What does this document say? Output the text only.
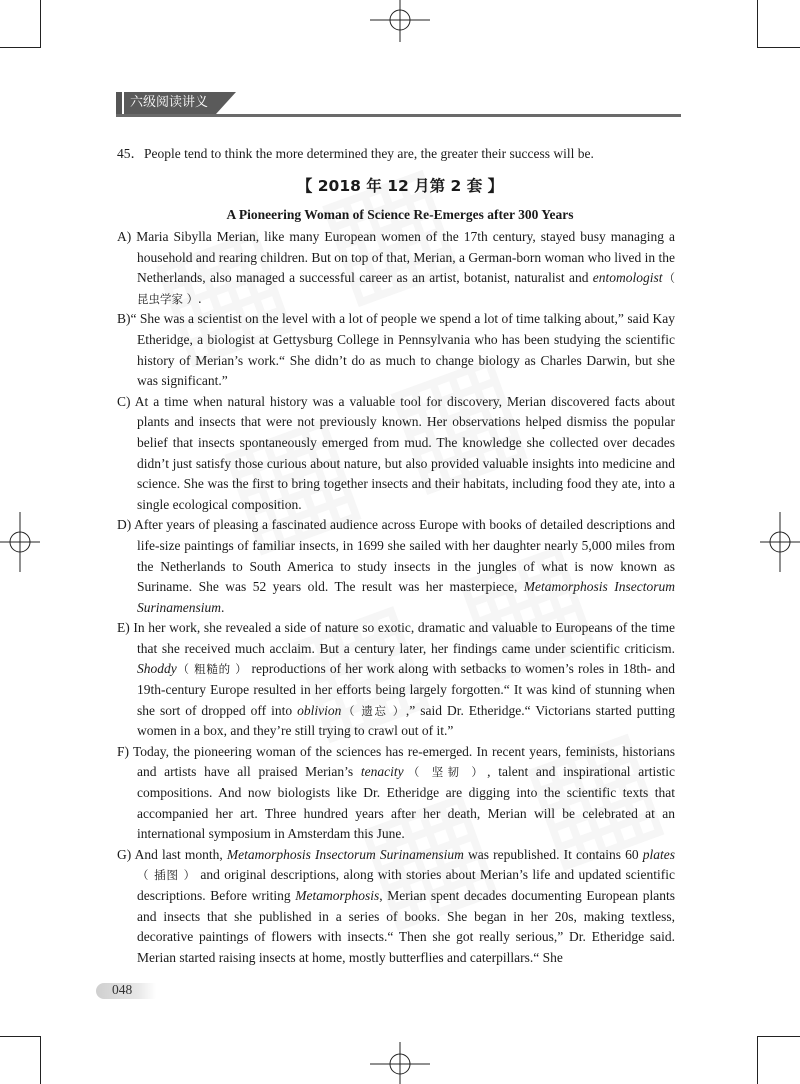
六级阅读讲义
45．People tend to think the more determined they are, the greater their success will be.
【 2018 年 12 月第 2 套 】
A Pioneering Woman of Science Re-Emerges after 300 Years
A) Maria Sibylla Merian, like many European women of the 17th century, stayed busy managing a household and rearing children. But on top of that, Merian, a German-born woman who lived in the Netherlands, also managed a successful career as an artist, botanist, naturalist and entomologist（ 昆虫学家 ）.
B)“ She was a scientist on the level with a lot of people we spend a lot of time talking about,” said Kay Etheridge, a biologist at Gettysburg College in Pennsylvania who has been studying the scientific history of Merian’s work.“ She didn’t do as much to change biology as Charles Darwin, but she was significant.”
C) At a time when natural history was a valuable tool for discovery, Merian discovered facts about plants and insects that were not previously known. Her observations helped dismiss the popular belief that insects spontaneously emerged from mud. The knowledge she collected over decades didn’t just satisfy those curious about nature, but also provided valuable insights into medicine and science. She was the first to bring together insects and their habitats, including food they ate, into a single ecological composition.
D) After years of pleasing a fascinated audience across Europe with books of detailed descriptions and life-size paintings of familiar insects, in 1699 she sailed with her daughter nearly 5,000 miles from the Netherlands to South America to study insects in the jungles of what is now known as Suriname. She was 52 years old. The result was her masterpiece, Metamorphosis Insectorum Surinamensium.
E) In her work, she revealed a side of nature so exotic, dramatic and valuable to Europeans of the time that she received much acclaim. But a century later, her findings came under scientific criticism. Shoddy（ 粗糙的 ） reproductions of her work along with setbacks to women’s roles in 18th- and 19th-century Europe resulted in her efforts being largely forgotten.“ It was kind of stunning when she sort of dropped off into oblivion（ 遗忘 ）,” said Dr. Etheridge.“ Victorians started putting women in a box, and they’re still trying to crawl out of it.”
F) Today, the pioneering woman of the sciences has re-emerged. In recent years, feminists, historians and artists have all praised Merian’s tenacity（ 坚韧 ）, talent and inspirational artistic compositions. And now biologists like Dr. Etheridge are digging into the scientific texts that accompanied her art. Three hundred years after her death, Merian will be celebrated at an international symposium in Amsterdam this June.
G) And last month, Metamorphosis Insectorum Surinamensium was republished. It contains 60 plates（ 插图 ） and original descriptions, along with stories about Merian’s life and updated scientific descriptions. Before writing Metamorphosis, Merian spent decades documenting European plants and insects that she published in a series of books. She began in her 20s, making textless, decorative paintings of flowers with insects.“ Then she got really serious,” Dr. Etheridge said. Merian started raising insects at home, mostly butterflies and caterpillars.“ She
048
